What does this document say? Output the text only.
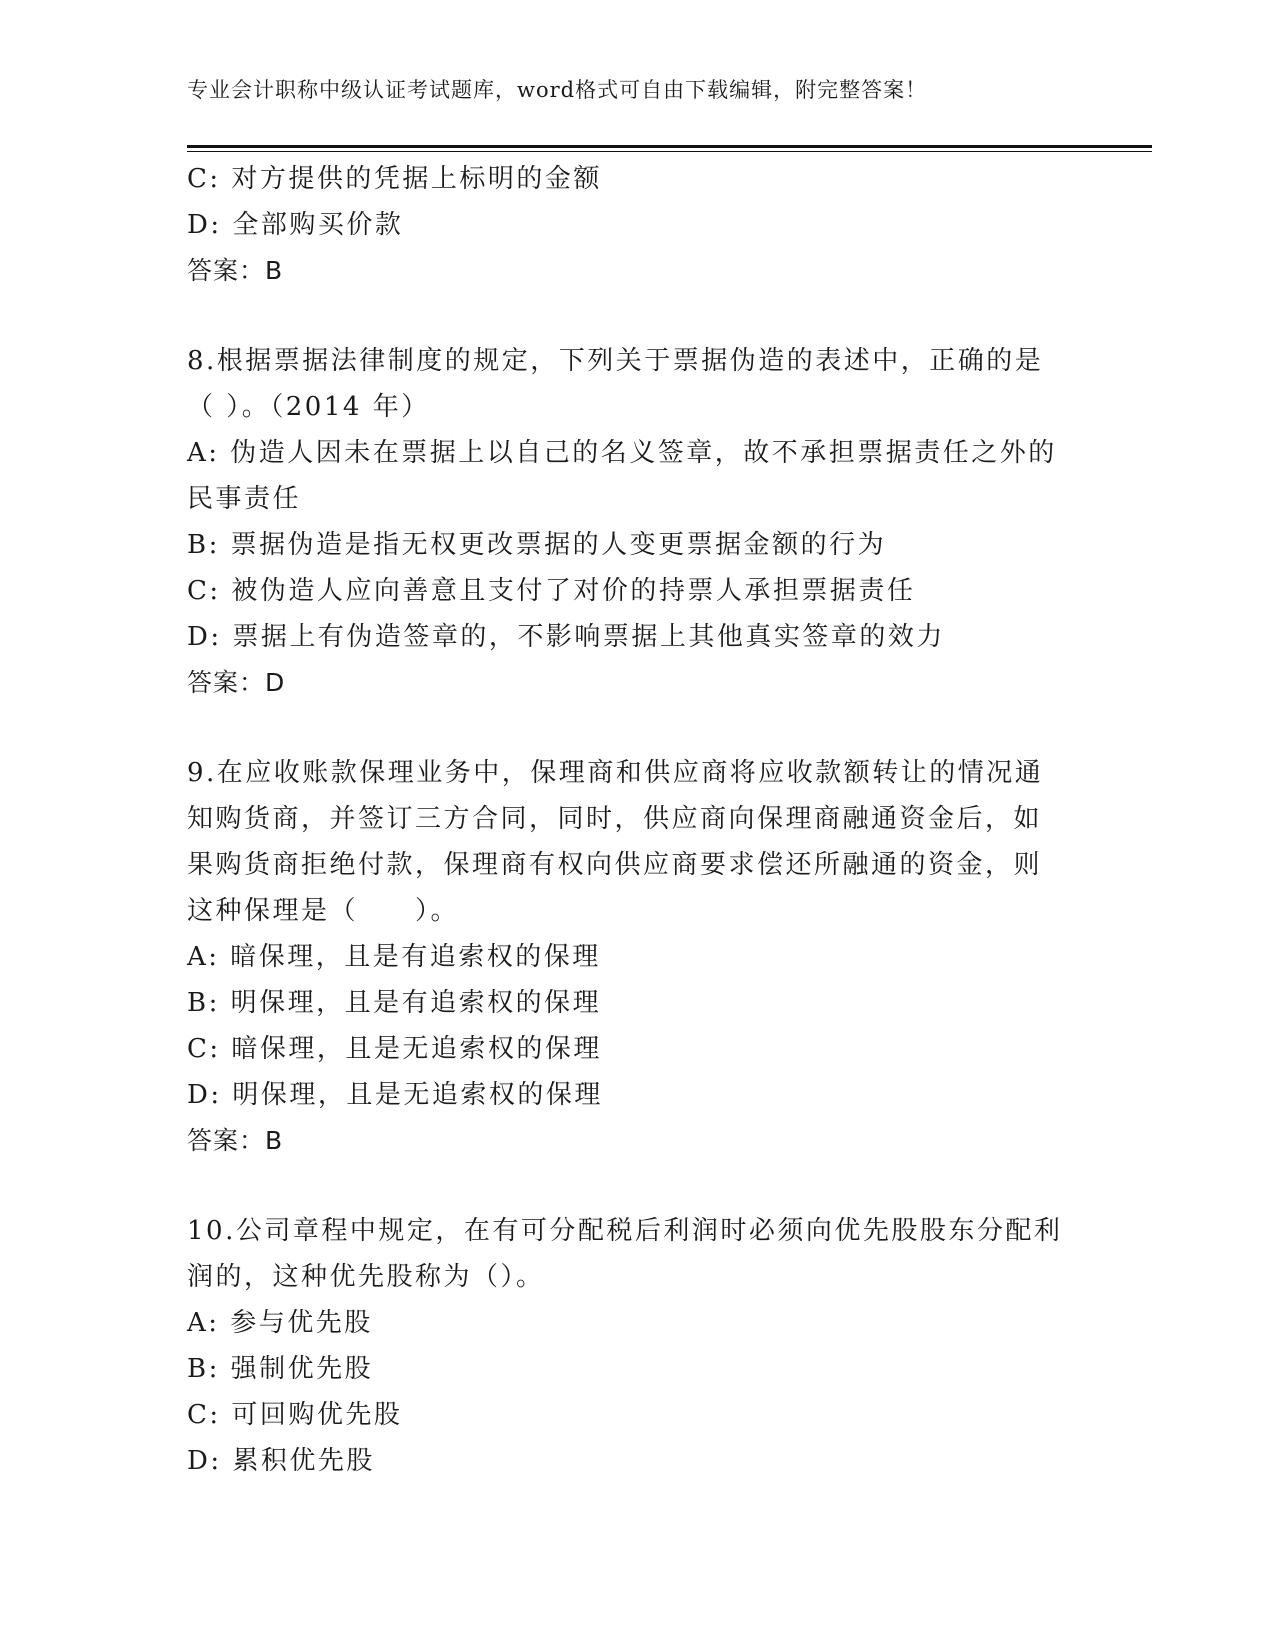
专业会计职称中级认证考试题库，word格式可自由下载编辑，附完整答案！
C: 对方提供的凭据上标明的金额
D: 全部购买价款
答案：B
8.根据票据法律制度的规定，下列关于票据伪造的表述中，正确的是
（ ）。（2014 年）
A: 伪造人因未在票据上以自己的名义签章，故不承担票据责任之外的
民事责任
B: 票据伪造是指无权更改票据的人变更票据金额的行为
C: 被伪造人应向善意且支付了对价的持票人承担票据责任
D: 票据上有伪造签章的，不影响票据上其他真实签章的效力
答案：D
9.在应收账款保理业务中，保理商和供应商将应收款额转让的情况通
知购货商，并签订三方合同，同时，供应商向保理商融通资金后，如
果购货商拒绝付款，保理商有权向供应商要求偿还所融通的资金，则
这种保理是（　　）。
A: 暗保理，且是有追索权的保理
B: 明保理，且是有追索权的保理
C: 暗保理，且是无追索权的保理
D: 明保理，且是无追索权的保理
答案：B
10.公司章程中规定，在有可分配税后利润时必须向优先股股东分配利
润的，这种优先股称为（）。
A: 参与优先股
B: 强制优先股
C: 可回购优先股
D: 累积优先股
